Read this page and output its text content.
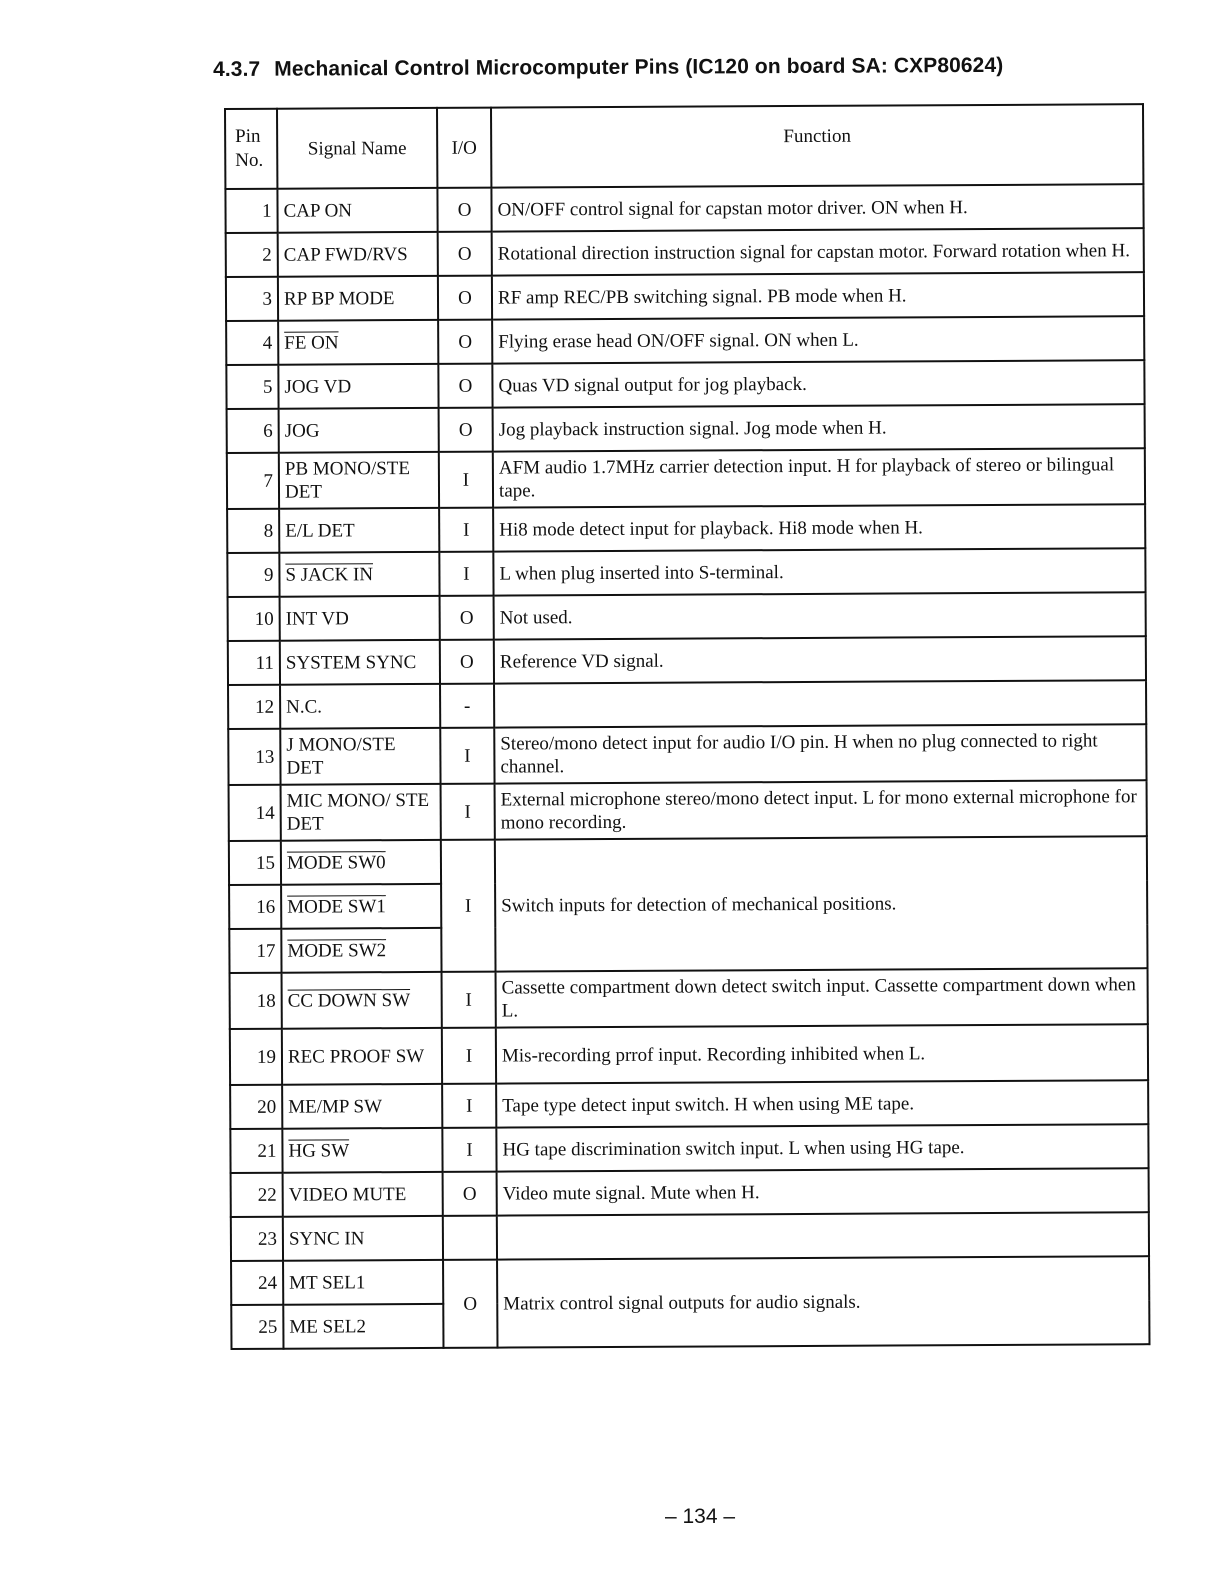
4.3.7 Mechanical Control Microcomputer Pins (IC120 on board SA: CXP80624)
Pin
No.	Signal Name	I/O	Function
1	CAP ON	O	ON/OFF control signal for capstan motor driver. ON when H.
2	CAP FWD/RVS	O	Rotational direction instruction signal for capstan motor. Forward rotation when H.
3	RP BP MODE	O	RF amp REC/PB switching signal. PB mode when H.
4	FE ON	O	Flying erase head ON/OFF signal. ON when L.
5	JOG VD	O	Quas VD signal output for jog playback.
6	JOG	O	Jog playback instruction signal. Jog mode when H.
7	PB MONO/STE DET	I	AFM audio 1.7MHz carrier detection input. H for playback of stereo or bilingual tape.
8	E/L DET	I	Hi8 mode detect input for playback. Hi8 mode when H.
9	S JACK IN	I	L when plug inserted into S-terminal.
10	INT VD	O	Not used.
11	SYSTEM SYNC	O	Reference VD signal.
12	N.C.	-	
13	J MONO/STE DET	I	Stereo/mono detect input for audio I/O pin. H when no plug connected to right channel.
14	MIC MONO/ STE DET	I	External microphone stereo/mono detect input. L for mono external microphone for mono recording.
15	MODE SW0	I	Switch inputs for detection of mechanical positions.
16	MODE SW1		
17	MODE SW2		
18	CC DOWN SW	I	Cassette compartment down detect switch input. Cassette compartment down when L.
19	REC PROOF SW	I	Mis-recording prrof input. Recording inhibited when L.
20	ME/MP SW	I	Tape type detect input switch. H when using ME tape.
21	HG SW	I	HG tape discrimination switch input. L when using HG tape.
22	VIDEO MUTE	O	Video mute signal. Mute when H.
23	SYNC IN		
24	MT SEL1	O	Matrix control signal outputs for audio signals.
25	ME SEL2		
– 134 –
